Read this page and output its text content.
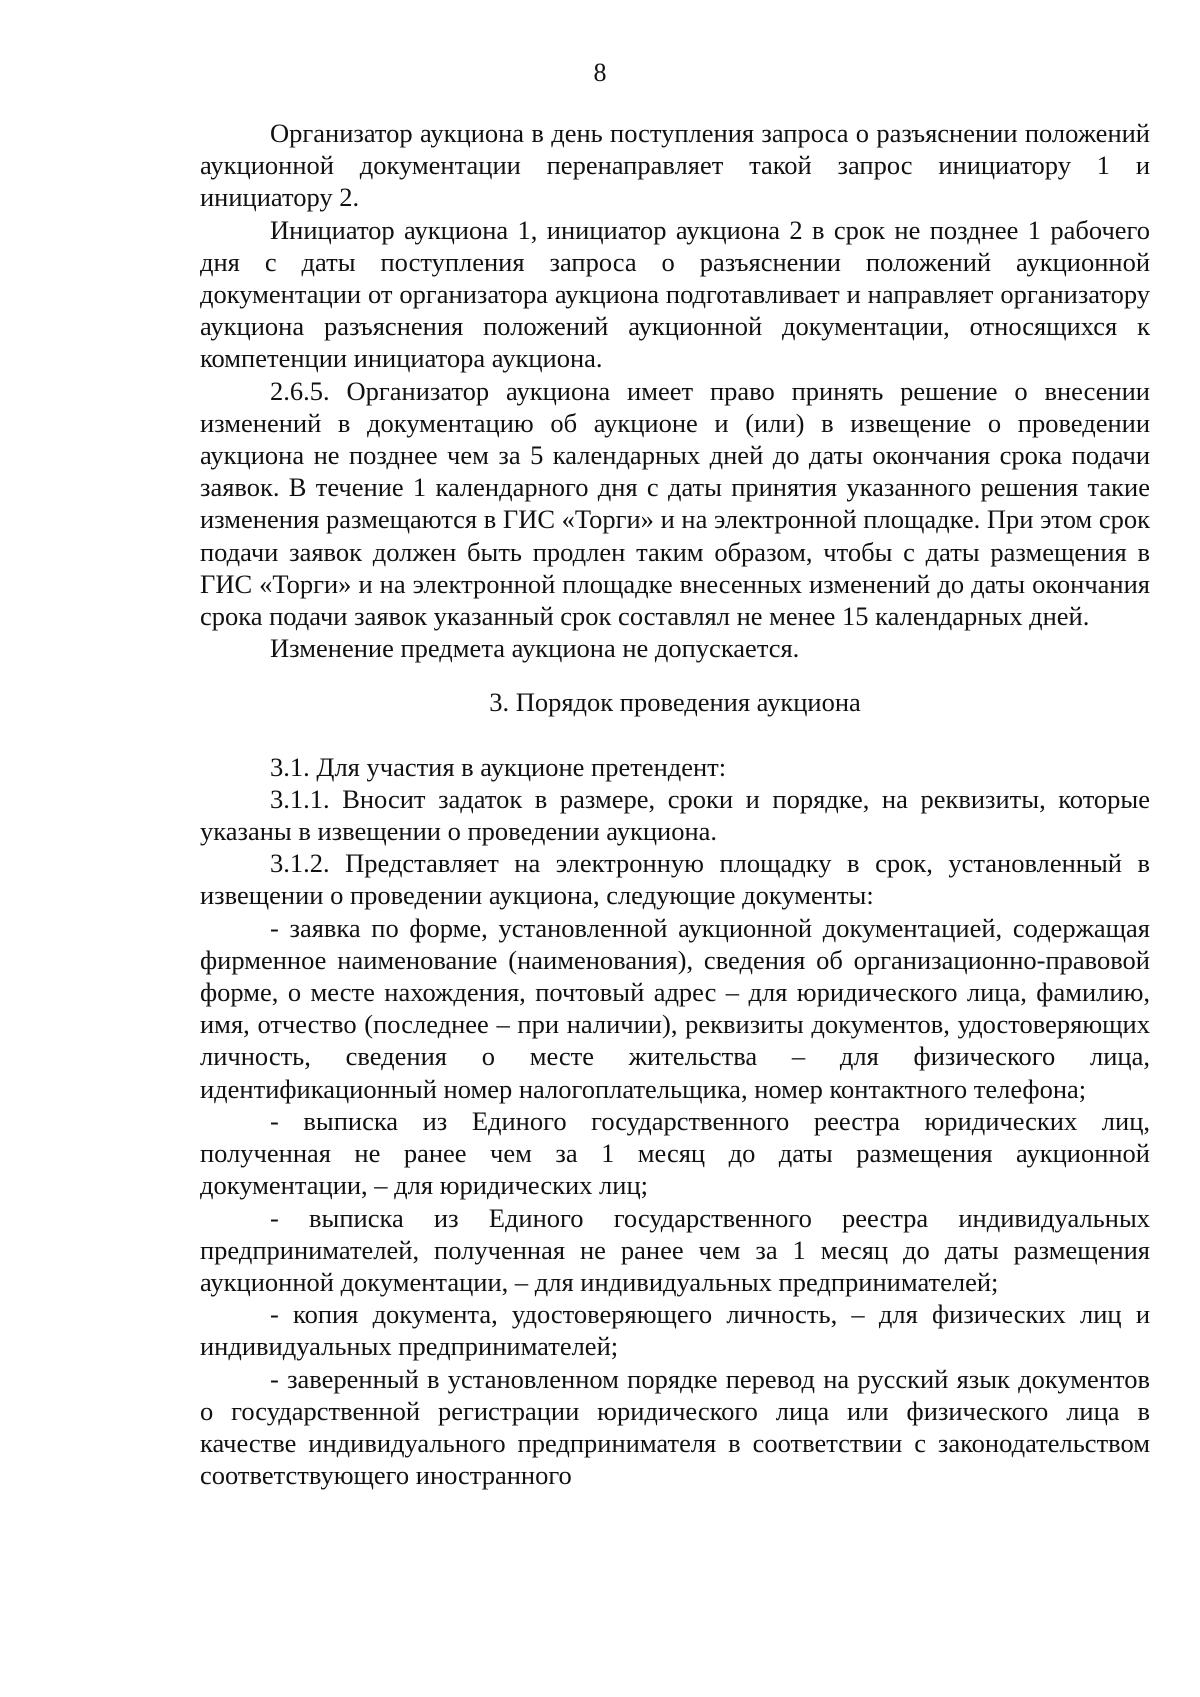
8

Организатор аукциона в день поступления запроса о разъяснении положений аукционной документации перенаправляет такой запрос инициатору 1 и инициатору 2.

Инициатор аукциона 1, инициатор аукциона 2 в срок не позднее 1 рабочего дня с даты поступления запроса о разъяснении положений аукционной документации от организатора аукциона подготавливает и направляет организатору аукциона разъяснения положений аукционной документации, относящихся к компетенции инициатора аукциона.

2.6.5. Организатор аукциона имеет право принять решение о внесении изменений в документацию об аукционе и (или) в извещение о проведении аукциона не позднее чем за 5 календарных дней до даты окончания срока подачи заявок. В течение 1 календарного дня с даты принятия указанного решения такие изменения размещаются в ГИС «Торги» и на электронной площадке. При этом срок подачи заявок должен быть продлен таким образом, чтобы с даты размещения в ГИС «Торги» и на электронной площадке внесенных изменений до даты окончания срока подачи заявок указанный срок составлял не менее 15 календарных дней.

Изменение предмета аукциона не допускается.

3. Порядок проведения аукциона

3.1. Для участия в аукционе претендент:

3.1.1. Вносит задаток в размере, сроки и порядке, на реквизиты, которые указаны в извещении о проведении аукциона.

3.1.2. Представляет на электронную площадку в срок, установленный в извещении о проведении аукциона, следующие документы:

- заявка по форме, установленной аукционной документацией, содержащая фирменное наименование (наименования), сведения об организационно-правовой форме, о месте нахождения, почтовый адрес – для юридического лица, фамилию, имя, отчество (последнее – при наличии), реквизиты документов, удостоверяющих личность, сведения о месте жительства – для физического лица, идентификационный номер налогоплательщика, номер контактного телефона;

- выписка из Единого государственного реестра юридических лиц, полученная не ранее чем за 1 месяц до даты размещения аукционной документации, – для юридических лиц;

- выписка из Единого государственного реестра индивидуальных предпринимателей, полученная не ранее чем за 1 месяц до даты размещения аукционной документации, – для индивидуальных предпринимателей;

- копия документа, удостоверяющего личность, – для физических лиц и индивидуальных предпринимателей;

- заверенный в установленном порядке перевод на русский язык документов о государственной регистрации юридического лица или физического лица в качестве индивидуального предпринимателя в соответствии с законодательством соответствующего иностранного
